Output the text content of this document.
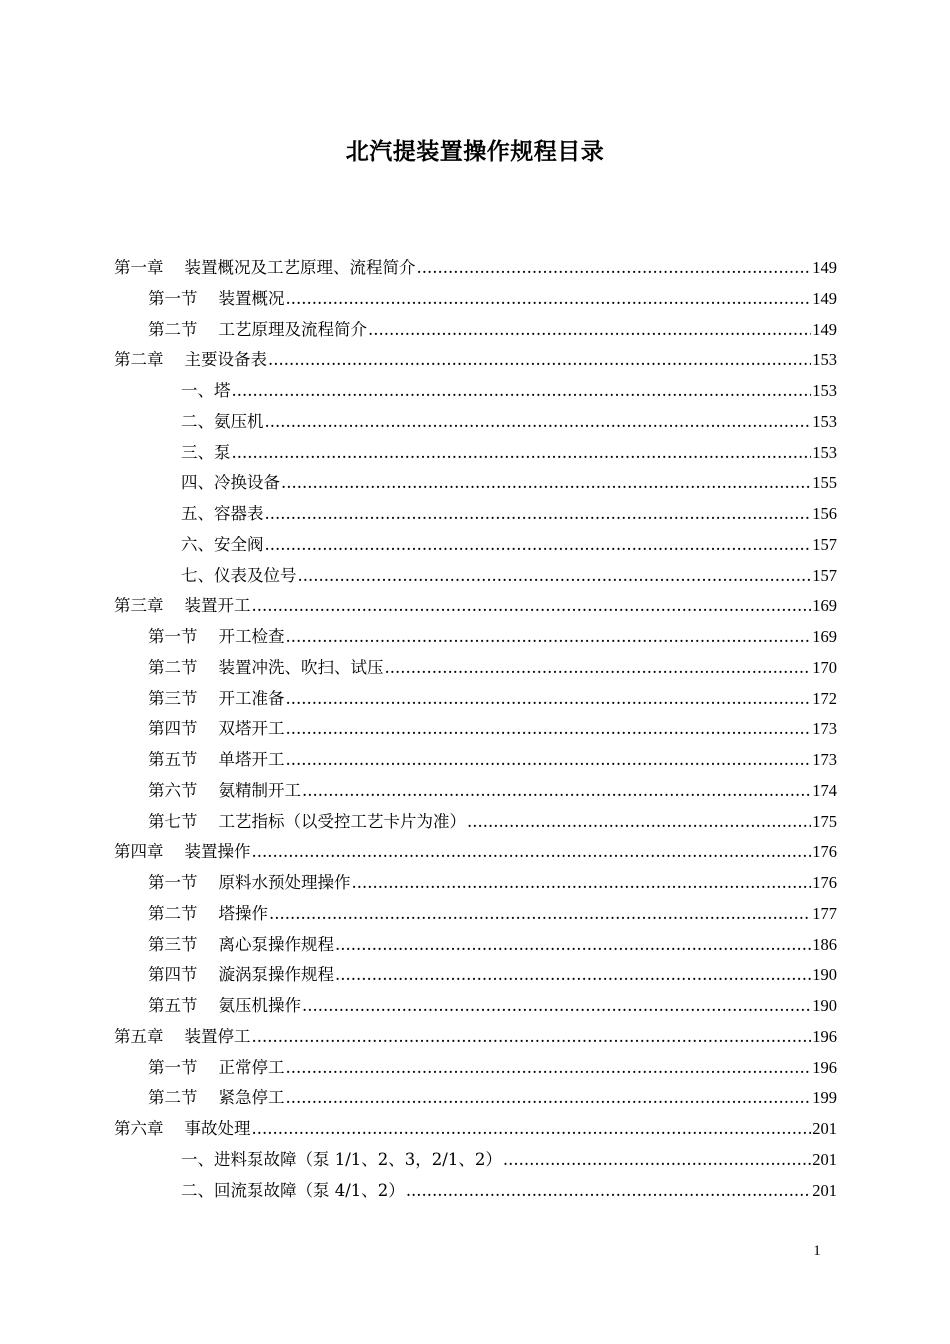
北汽提装置操作规程目录
第一章 装置概况及工艺原理、流程简介 .....	149
第一节 装置概况 .....	149
第二节 工艺原理及流程简介 .....	149
第二章 主要设备表 .....	153
一、塔 .....	153
二、氨压机 .....	153
三、泵 .....	153
四、冷换设备 .....	155
五、容器表 .....	156
六、安全阀 .....	157
七、仪表及位号 .....	157
第三章 装置开工 .....	169
第一节 开工检查 .....	169
第二节 装置冲洗、吹扫、试压 .....	170
第三节 开工准备 .....	172
第四节 双塔开工 .....	173
第五节 单塔开工 .....	173
第六节 氨精制开工 .....	174
第七节 工艺指标（以受控工艺卡片为准） .....	175
第四章 装置操作 .....	176
第一节 原料水预处理操作 .....	176
第二节 塔操作 .....	177
第三节 离心泵操作规程 .....	186
第四节 漩涡泵操作规程 .....	190
第五节 氨压机操作 .....	190
第五章 装置停工 .....	196
第一节 正常停工 .....	196
第二节 紧急停工 .....	199
第六章 事故处理 .....	201
一、进料泵故障（泵 1/1、2、3，2/1、2） .....	201
二、回流泵故障（泵 4/1、2） .....	201
1
